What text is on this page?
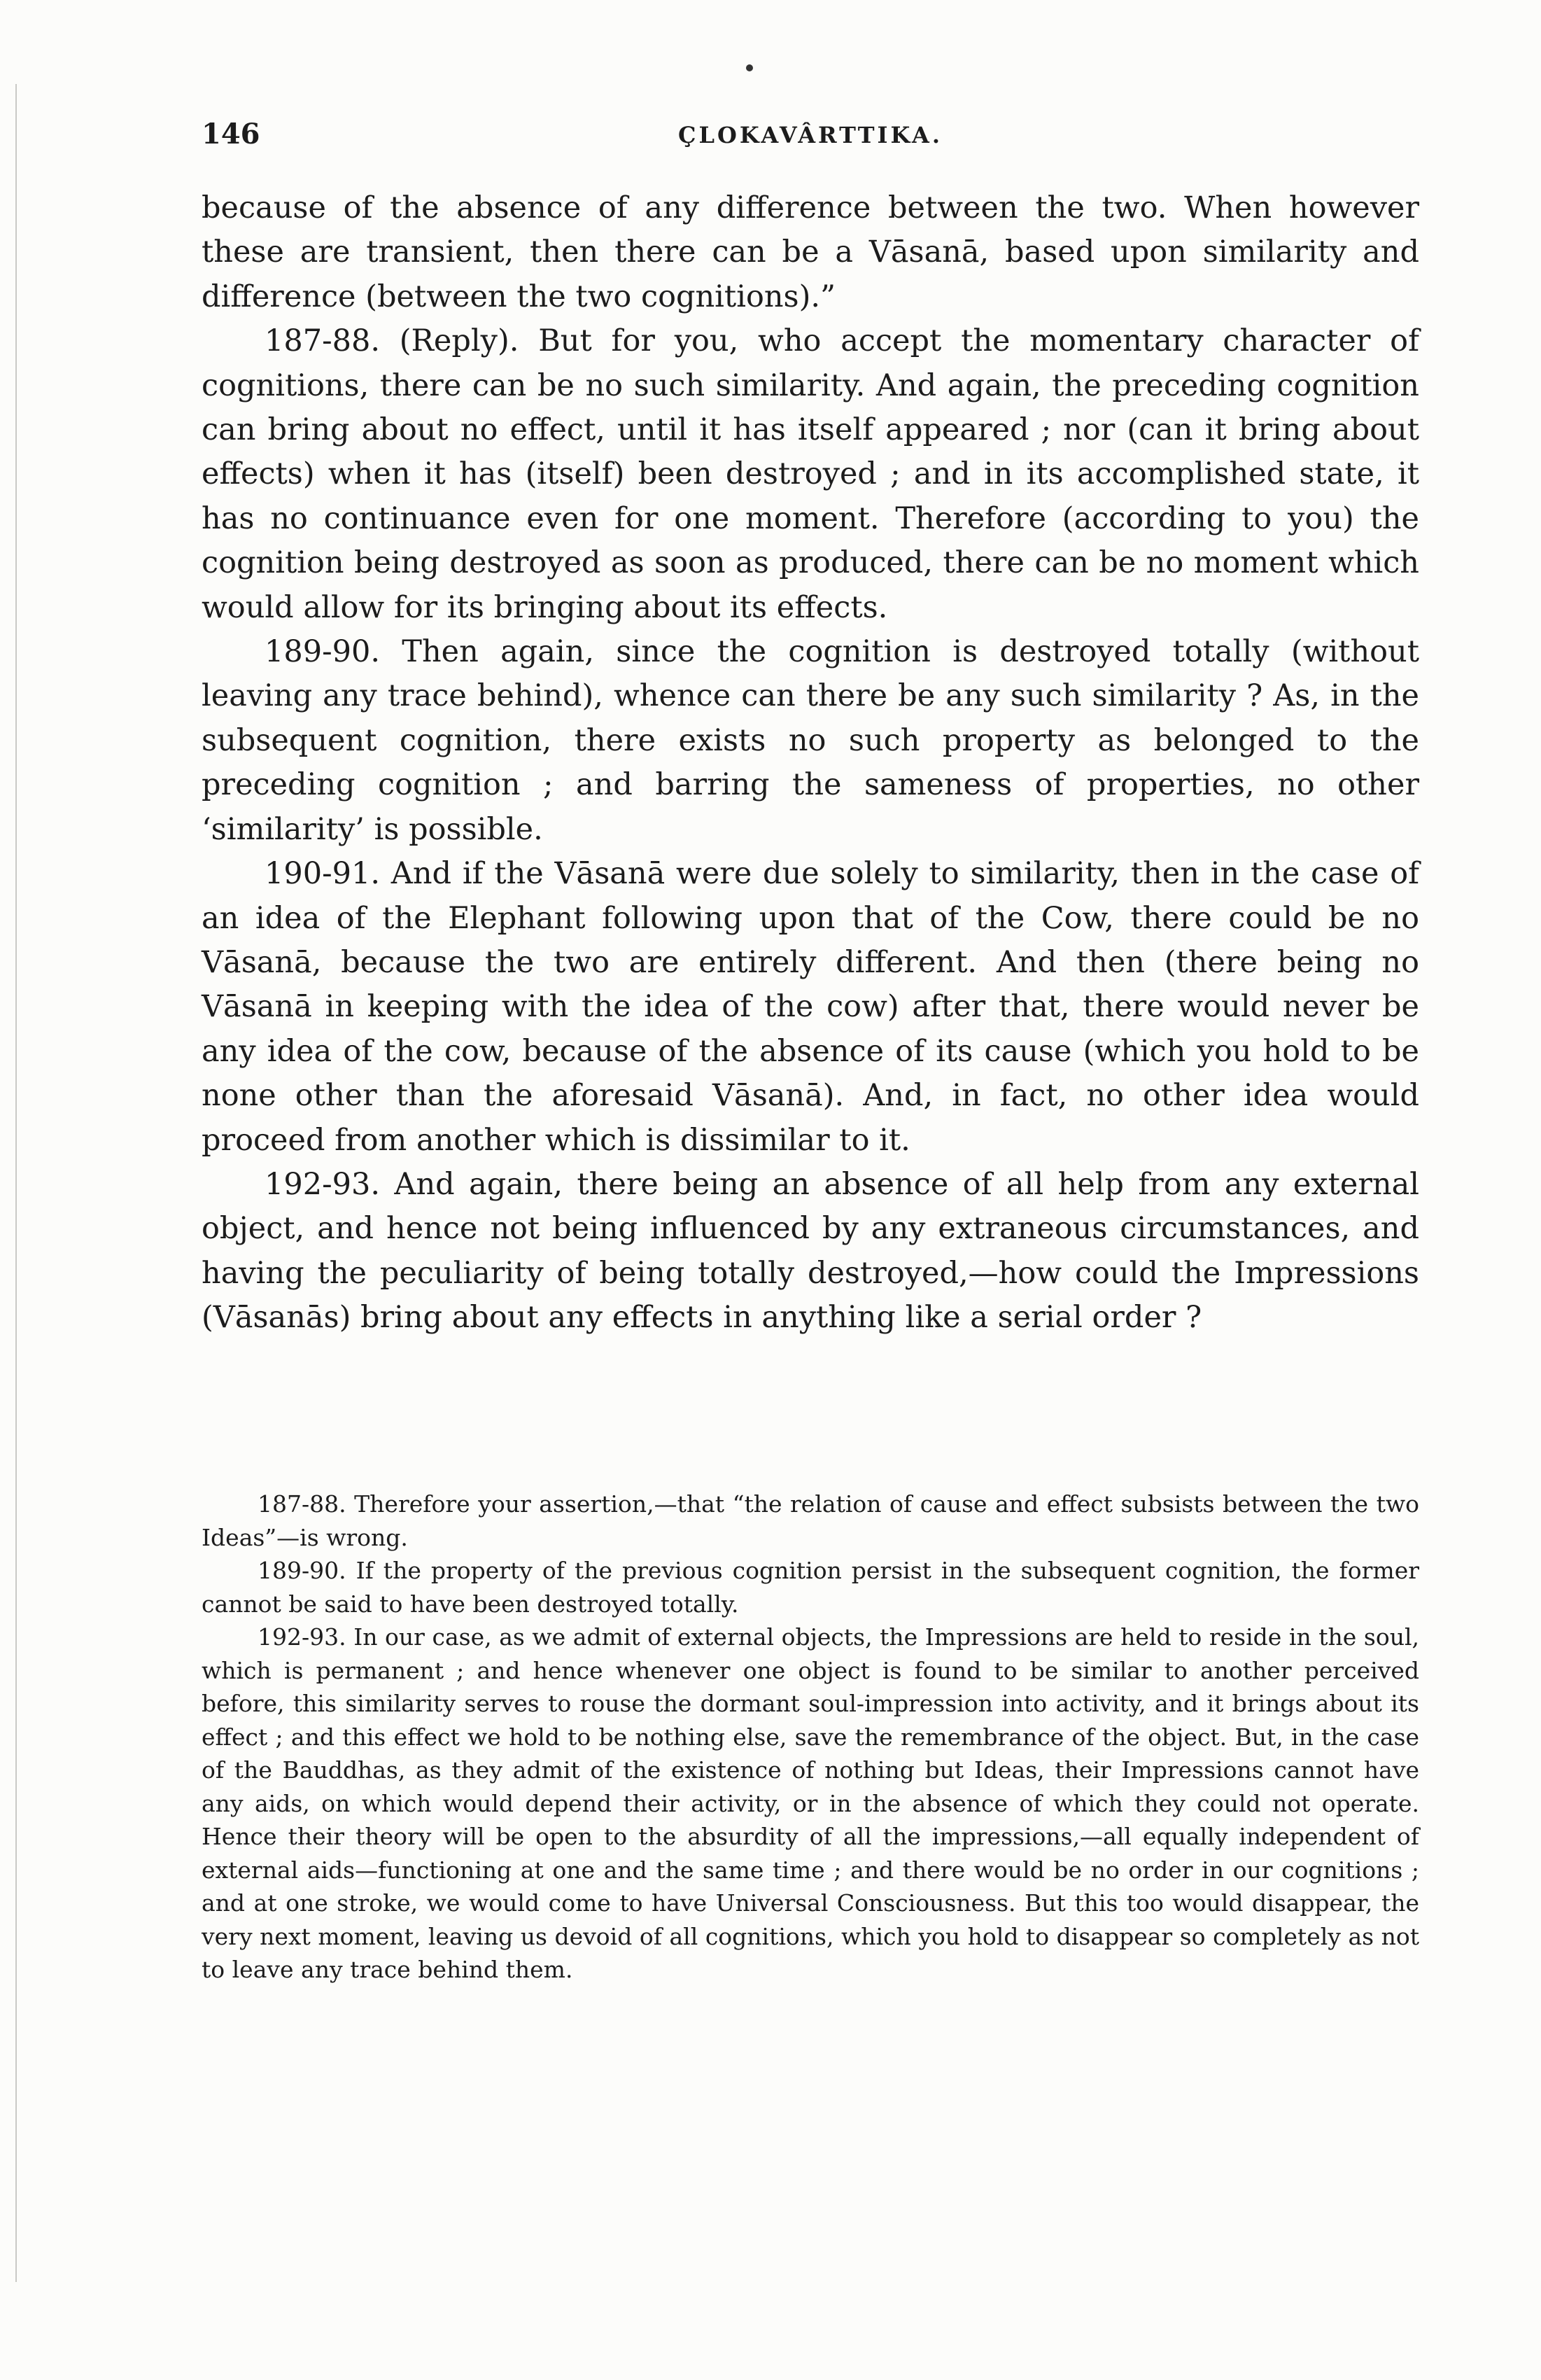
146	ÇLOKAVÂRTTIKA.

because of the absence of any difference between the two. When however these are transient, then there can be a Vāsanā, based upon similarity and difference (between the two cognitions).”

187-88. (Reply). But for you, who accept the momentary character of cognitions, there can be no such similarity. And again, the preceding cognition can bring about no effect, until it has itself appeared ; nor (can it bring about effects) when it has (itself) been destroyed ; and in its accomplished state, it has no continuance even for one moment. Therefore (according to you) the cognition being destroyed as soon as produced, there can be no moment which would allow for its bringing about its effects.

189-90. Then again, since the cognition is destroyed totally (without leaving any trace behind), whence can there be any such similarity ? As, in the subsequent cognition, there exists no such property as belonged to the preceding cognition ; and barring the sameness of properties, no other ‘similarity’ is possible.

190-91. And if the Vāsanā were due solely to similarity, then in the case of an idea of the Elephant following upon that of the Cow, there could be no Vāsanā, because the two are entirely different. And then (there being no Vāsanā in keeping with the idea of the cow) after that, there would never be any idea of the cow, because of the absence of its cause (which you hold to be none other than the aforesaid Vāsanā). And, in fact, no other idea would proceed from another which is dissimilar to it.

192-93. And again, there being an absence of all help from any external object, and hence not being influenced by any extraneous circumstances, and having the peculiarity of being totally destroyed,—how could the Impressions (Vāsanās) bring about any effects in anything like a serial order ?

187-88. Therefore your assertion,—that “the relation of cause and effect subsists between the two Ideas”—is wrong.

189-90. If the property of the previous cognition persist in the subsequent cognition, the former cannot be said to have been destroyed totally.

192-93. In our case, as we admit of external objects, the Impressions are held to reside in the soul, which is permanent ; and hence whenever one object is found to be similar to another perceived before, this similarity serves to rouse the dormant soul-impression into activity, and it brings about its effect ; and this effect we hold to be nothing else, save the remembrance of the object. But, in the case of the Bauddhas, as they admit of the existence of nothing but Ideas, their Impressions cannot have any aids, on which would depend their activity, or in the absence of which they could not operate. Hence their theory will be open to the absurdity of all the impressions,—all equally independent of external aids—functioning at one and the same time ; and there would be no order in our cognitions ; and at one stroke, we would come to have Universal Consciousness. But this too would disappear, the very next moment, leaving us devoid of all cognitions, which you hold to disappear so completely as not to leave any trace behind them.
